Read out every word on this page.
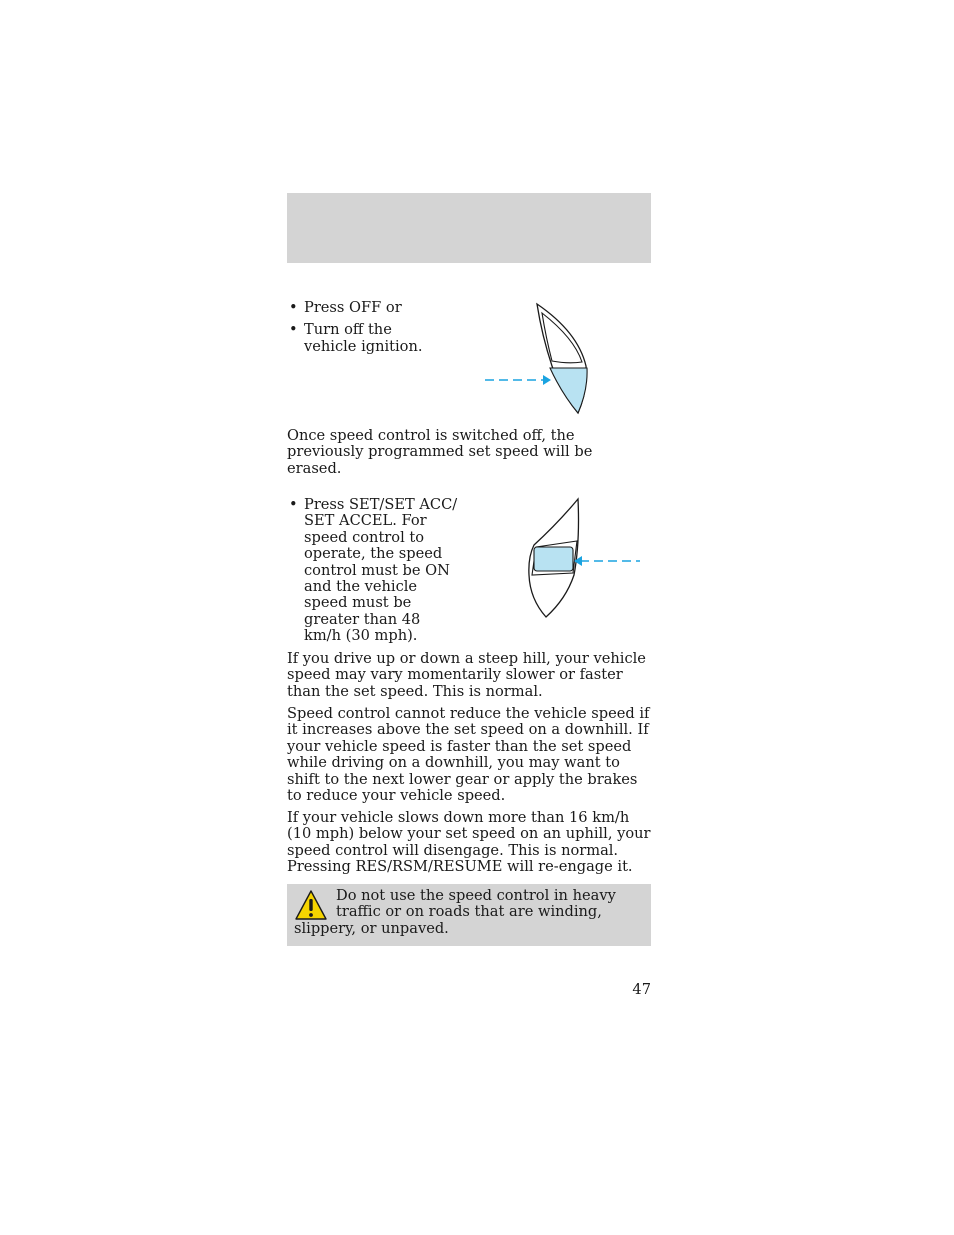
• Press OFF or
• Turn off the vehicle ignition.

Once speed control is switched off, the previously programmed set speed will be erased.

• Press SET/SET ACC/ SET ACCEL. For speed control to operate, the speed control must be ON and the vehicle speed must be greater than 48 km/h (30 mph).

If you drive up or down a steep hill, your vehicle speed may vary momentarily slower or faster than the set speed. This is normal.

Speed control cannot reduce the vehicle speed if it increases above the set speed on a downhill. If your vehicle speed is faster than the set speed while driving on a downhill, you may want to shift to the next lower gear or apply the brakes to reduce your vehicle speed.

If your vehicle slows down more than 16 km/h (10 mph) below your set speed on an uphill, your speed control will disengage. This is normal. Pressing RES/RSM/RESUME will re-engage it.

Do not use the speed control in heavy traffic or on roads that are winding, slippery, or unpaved.
47
